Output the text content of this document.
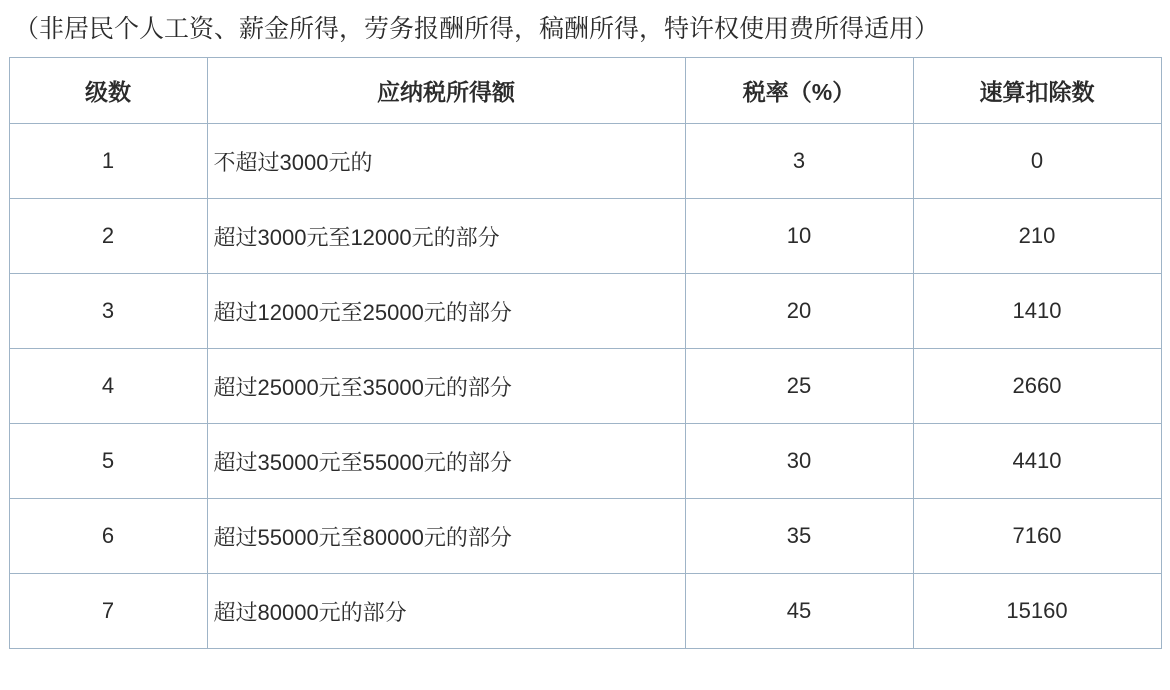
（非居民个人工资、薪金所得，劳务报酬所得，稿酬所得，特许权使用费所得适用）
级数	应纳税所得额	税率（%）	速算扣除数
1	不超过3000元的	3	0
2	超过3000元至12000元的部分	10	210
3	超过12000元至25000元的部分	20	1410
4	超过25000元至35000元的部分	25	2660
5	超过35000元至55000元的部分	30	4410
6	超过55000元至80000元的部分	35	7160
7	超过80000元的部分	45	15160
